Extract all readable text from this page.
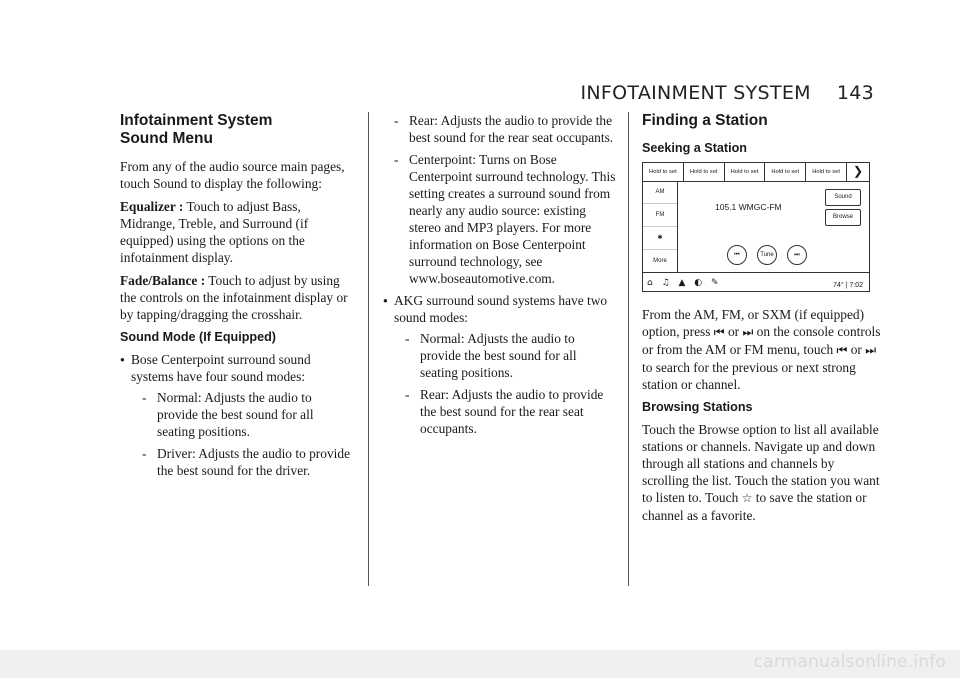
INFOTAINMENT SYSTEM 143
Infotainment System
Sound Menu

From any of the audio source main pages, touch Sound to display the following:

Equalizer : Touch to adjust Bass, Midrange, Treble, and Surround (if equipped) using the options on the infotainment display.

Fade/Balance : Touch to adjust by using the controls on the infotainment display or by tapping/dragging the crosshair.

Sound Mode (If Equipped)
● Bose Centerpoint surround sound systems have four sound modes:
- Normal: Adjusts the audio to provide the best sound for all seating positions.
- Driver: Adjusts the audio to provide the best sound for the driver.
- Rear: Adjusts the audio to provide the best sound for the rear seat occupants.
- Centerpoint: Turns on Bose Centerpoint surround technology. This setting creates a surround sound from nearly any audio source: existing stereo and MP3 players. For more information on Bose Centerpoint surround technology, see www.boseautomotive.com.
● AKG surround sound systems have two sound modes:
- Normal: Adjusts the audio to provide the best sound for all seating positions.
- Rear: Adjusts the audio to provide the best sound for the rear seat occupants.
Finding a Station
Seeking a Station
Hold to set	Hold to set	Hold to set	Hold to set	Hold to set	❯
AM
FM
✱
More
105.1 WMGC-FM
Sound
Browse
⏮	Tune	⏭
⌂ ♫ ▲ ◐ ✎	74° | 7:02

From the AM, FM, or SXM (if equipped) option, press ⏮ or ⏭ on the console controls or from the AM or FM menu, touch ⏮ or ⏭ to search for the previous or next strong station or channel.

Browsing Stations

Touch the Browse option to list all available stations or channels. Navigate up and down through all stations and channels by scrolling the list. Touch the station you want to listen to. Touch ☆ to save the station or channel as a favorite.

carmanualsonline.info
